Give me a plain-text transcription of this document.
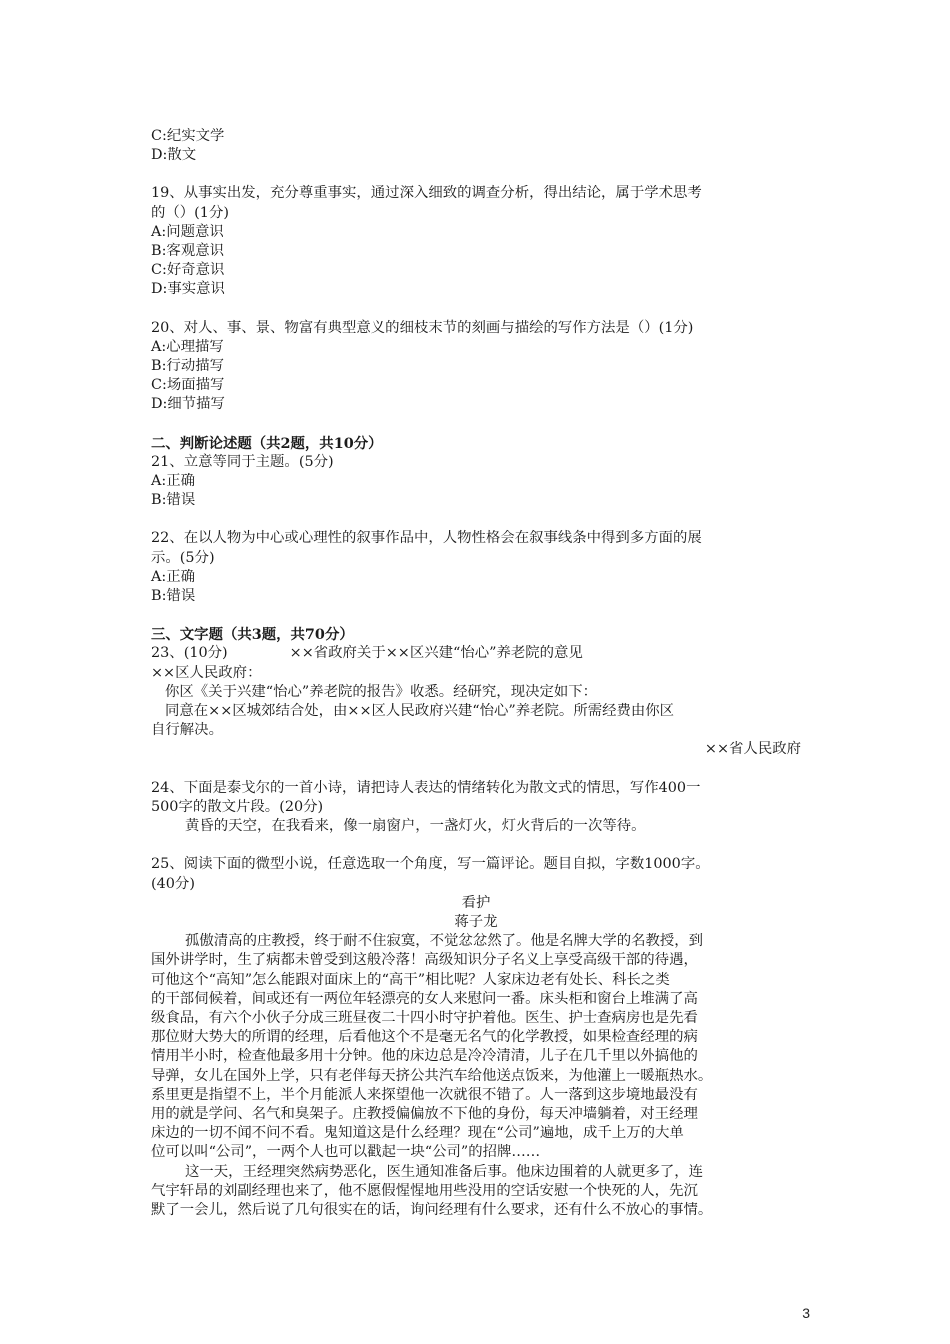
C:纪实文学
D:散文
19、从事实出发，充分尊重事实，通过深入细致的调查分析，得出结论，属于学术思考
的（）(1分)
A:问题意识
B:客观意识
C:好奇意识
D:事实意识
20、对人、事、景、物富有典型意义的细枝末节的刻画与描绘的写作方法是（）(1分)
A:心理描写
B:行动描写
C:场面描写
D:细节描写
二、判断论述题（共2题，共10分）
21、立意等同于主题。(5分)
A:正确
B:错误
22、在以人物为中心或心理性的叙事作品中，人物性格会在叙事线条中得到多方面的展
示。(5分)
A:正确
B:错误
三、文字题（共3题，共70分）
23、(10分)	××省政府关于××区兴建“怡心”养老院的意见
××区人民政府：
你区《关于兴建“怡心”养老院的报告》收悉。经研究，现决定如下：
同意在××区城郊结合处，由××区人民政府兴建“怡心”养老院。所需经费由你区
自行解决。
××省人民政府
24、下面是泰戈尔的一首小诗，请把诗人表达的情绪转化为散文式的情思，写作400一
500字的散文片段。(20分)
黄昏的天空，在我看来，像一扇窗户，一盏灯火，灯火背后的一次等待。
25、阅读下面的微型小说，任意选取一个角度，写一篇评论。题目自拟，字数1000字。
(40分)
看护
蒋子龙
孤傲清高的庄教授，终于耐不住寂寞，不觉忿忿然了。他是名牌大学的名教授，到
国外讲学时，生了病都未曾受到这般冷落！高级知识分子名义上享受高级干部的待遇，
可他这个“高知”怎么能跟对面床上的“高干”相比呢？人家床边老有处长、科长之类
的干部伺候着，间或还有一两位年轻漂亮的女人来慰问一番。床头柜和窗台上堆满了高
级食品，有六个小伙子分成三班昼夜二十四小时守护着他。医生、护士查病房也是先看
那位财大势大的所谓的经理，后看他这个不是毫无名气的化学教授，如果检查经理的病
情用半小时，检查他最多用十分钟。他的床边总是冷冷清清，儿子在几千里以外搞他的
导弹，女儿在国外上学，只有老伴每天挤公共汽车给他送点饭来，为他灌上一暖瓶热水。
系里更是指望不上，半个月能派人来探望他一次就很不错了。人一落到这步境地最没有
用的就是学问、名气和臭架子。庄教授偏偏放不下他的身份，每天冲墙躺着，对王经理
床边的一切不闻不问不看。鬼知道这是什么经理？现在“公司”遍地，成千上万的大单
位可以叫“公司”，一两个人也可以戳起一块“公司”的招牌……
这一天，王经理突然病势恶化，医生通知准备后事。他床边围着的人就更多了，连
气宇轩昂的刘副经理也来了，他不愿假惺惺地用些没用的空话安慰一个快死的人，先沉
默了一会儿，然后说了几句很实在的话，询问经理有什么要求，还有什么不放心的事情。
3
